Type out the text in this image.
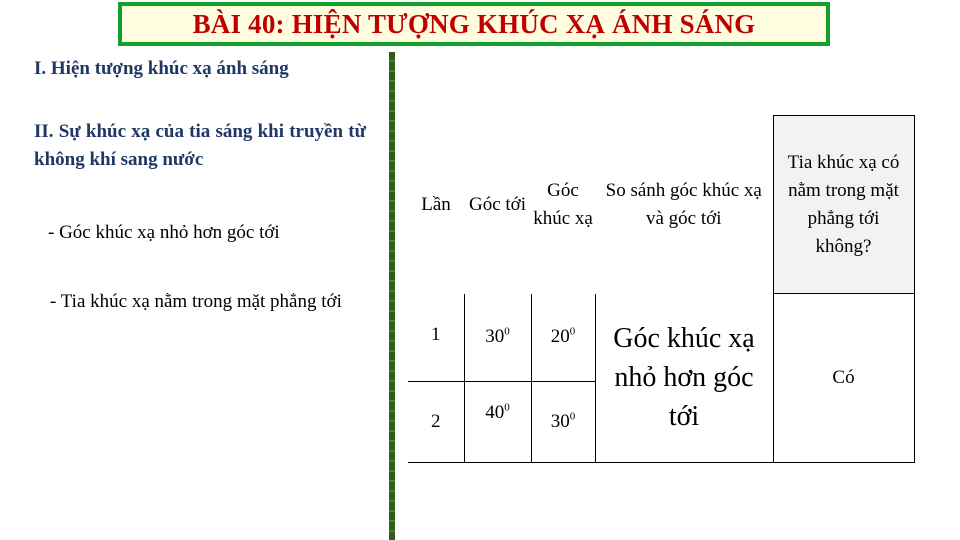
BÀI 40: HIỆN TƯỢNG KHÚC XẠ ÁNH SÁNG
I. Hiện tượng khúc xạ ánh sáng
II. Sự khúc xạ của tia sáng khi truyền từ không khí sang nước
- Góc khúc xạ nhỏ hơn góc tới
- Tia khúc xạ nằm trong mặt phẳng tới
Lần	Góc tới	Góc khúc xạ	So sánh góc khúc xạ và góc tới	Tia khúc xạ có nằm trong mặt phẳng tới không?
1	$30^0$	$20^0$	Góc khúc xạ nhỏ hơn góc tới	Có
2	$40^0$	$30^0$
